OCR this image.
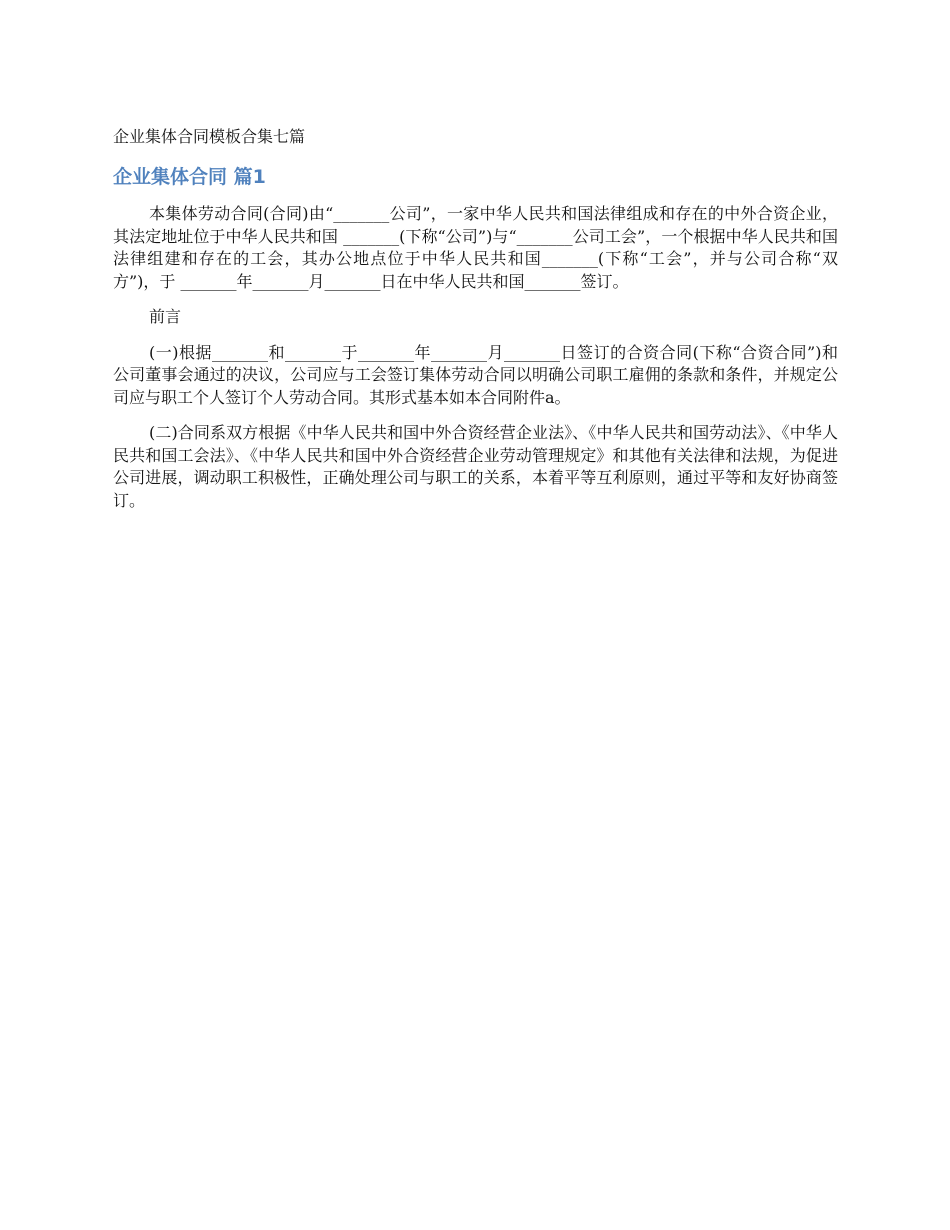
企业集体合同模板合集七篇
企业集体合同 篇1

本集体劳动合同(合同)由“_______公司”，一家中华人民共和国法律组成和存在的中外合资企业，其法定地址位于中华人民共和国 _______(下称“公司”)与“_______公司工会”，一个根据中华人民共和国法律组建和存在的工会，其办公地点位于中华人民共和国_______(下称“工会”，并与公司合称“双方”)，于 _______年_______月_______日在中华人民共和国_______签订。

前言

(一)根据_______和_______于_______年_______月_______日签订的合资合同(下称“合资合同”)和公司董事会通过的决议，公司应与工会签订集体劳动合同以明确公司职工雇佣的条款和条件，并规定公司应与职工个人签订个人劳动合同。其形式基本如本合同附件a。

(二)合同系双方根据《中华人民共和国中外合资经营企业法》、《中华人民共和国劳动法》、《中华人民共和国工会法》、《中华人民共和国中外合资经营企业劳动管理规定》和其他有关法律和法规，为促进公司进展，调动职工积极性，正确处理公司与职工的关系，本着平等互利原则，通过平等和友好协商签订。
